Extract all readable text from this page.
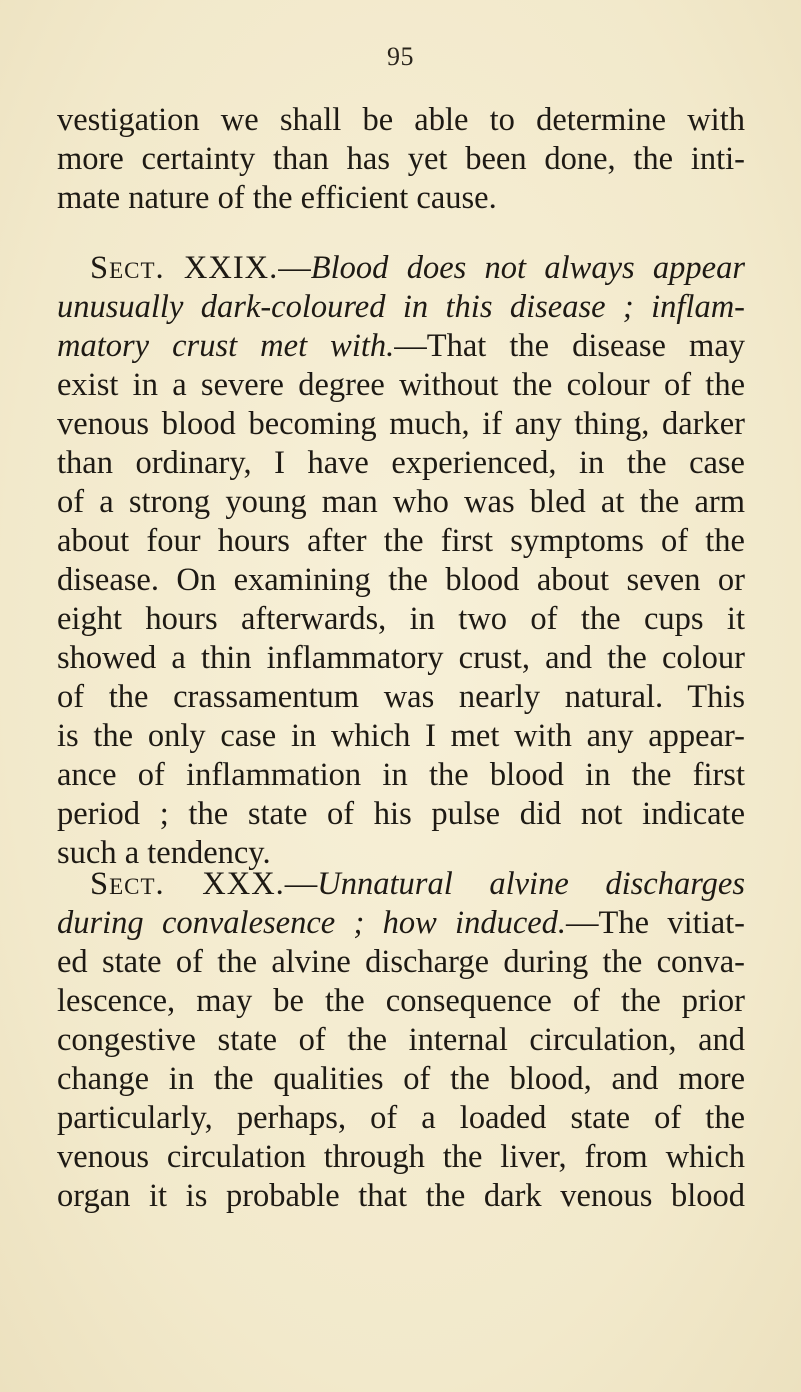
95
vestigation we shall be able to determine with
more certainty than has yet been done, the inti-
mate nature of the efficient cause.
Sect. XXIX.—Blood does not always appear
unusually dark-coloured in this disease ; inflam-
matory crust met with.—That the disease may
exist in a severe degree without the colour of the
venous blood becoming much, if any thing, darker
than ordinary, I have experienced, in the case
of a strong young man who was bled at the arm
about four hours after the first symptoms of the
disease. On examining the blood about seven or
eight hours afterwards, in two of the cups it
showed a thin inflammatory crust, and the colour
of the crassamentum was nearly natural. This
is the only case in which I met with any appear-
ance of inflammation in the blood in the first
period ; the state of his pulse did not indicate
such a tendency.
Sect. XXX.—Unnatural alvine discharges
during convalesence ; how induced.—The vitiat-
ed state of the alvine discharge during the conva-
lescence, may be the consequence of the prior
congestive state of the internal circulation, and
change in the qualities of the blood, and more
particularly, perhaps, of a loaded state of the
venous circulation through the liver, from which
organ it is probable that the dark venous blood
